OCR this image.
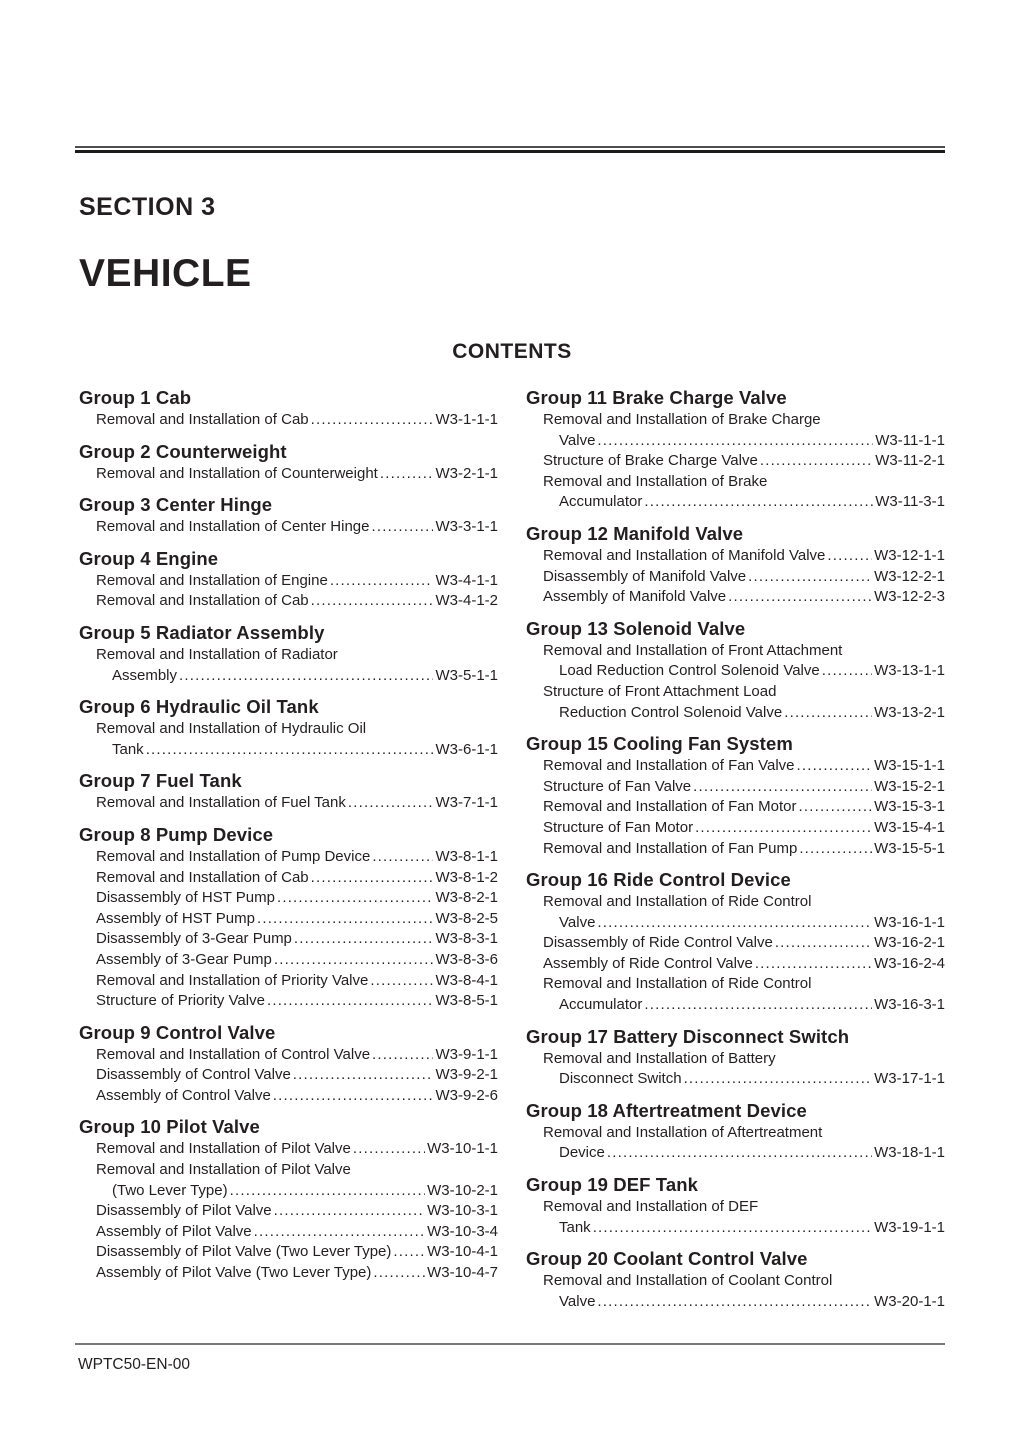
SECTION 3
VEHICLE
CONTENTS
Group 1 Cab
Removal and Installation of Cab .....	W3-1-1-1
Group 2 Counterweight
Removal and Installation of Counterweight .....	W3-2-1-1
Group 3 Center Hinge
Removal and Installation of Center Hinge .....	W3-3-1-1
Group 4 Engine
Removal and Installation of Engine .....	W3-4-1-1
Removal and Installation of Cab .....	W3-4-1-2
Group 5 Radiator Assembly
Removal and Installation of Radiator
Assembly .....	W3-5-1-1
Group 6 Hydraulic Oil Tank
Removal and Installation of Hydraulic Oil
Tank .....	W3-6-1-1
Group 7 Fuel Tank
Removal and Installation of Fuel Tank .....	W3-7-1-1
Group 8 Pump Device
Removal and Installation of Pump Device .....	W3-8-1-1
Removal and Installation of Cab .....	W3-8-1-2
Disassembly of HST Pump .....	W3-8-2-1
Assembly of HST Pump .....	W3-8-2-5
Disassembly of 3-Gear Pump .....	W3-8-3-1
Assembly of 3-Gear Pump .....	W3-8-3-6
Removal and Installation of Priority Valve .....	W3-8-4-1
Structure of Priority Valve .....	W3-8-5-1
Group 9 Control Valve
Removal and Installation of Control Valve .....	W3-9-1-1
Disassembly of Control Valve .....	W3-9-2-1
Assembly of Control Valve .....	W3-9-2-6
Group 10 Pilot Valve
Removal and Installation of Pilot Valve .....	W3-10-1-1
Removal and Installation of Pilot Valve
(Two Lever Type) .....	W3-10-2-1
Disassembly of Pilot Valve .....	W3-10-3-1
Assembly of Pilot Valve .....	W3-10-3-4
Disassembly of Pilot Valve (Two Lever Type) ..... W3-10-4-1
Assembly of Pilot Valve (Two Lever Type) .....	W3-10-4-7
Group 11 Brake Charge Valve
Removal and Installation of Brake Charge
Valve .....	W3-11-1-1
Structure of Brake Charge Valve .....	W3-11-2-1
Removal and Installation of Brake
Accumulator .....	W3-11-3-1
Group 12 Manifold Valve
Removal and Installation of Manifold Valve .....	W3-12-1-1
Disassembly of Manifold Valve .....	W3-12-2-1
Assembly of Manifold Valve .....	W3-12-2-3
Group 13 Solenoid Valve
Removal and Installation of Front Attachment
Load Reduction Control Solenoid Valve .....	W3-13-1-1
Structure of Front Attachment Load
Reduction Control Solenoid Valve .....	W3-13-2-1
Group 15 Cooling Fan System
Removal and Installation of Fan Valve .....	W3-15-1-1
Structure of Fan Valve .....	W3-15-2-1
Removal and Installation of Fan Motor .....	W3-15-3-1
Structure of Fan Motor .....	W3-15-4-1
Removal and Installation of Fan Pump .....	W3-15-5-1
Group 16 Ride Control Device
Removal and Installation of Ride Control
Valve .....	W3-16-1-1
Disassembly of Ride Control Valve .....	W3-16-2-1
Assembly of Ride Control Valve .....	W3-16-2-4
Removal and Installation of Ride Control
Accumulator .....	W3-16-3-1
Group 17 Battery Disconnect Switch
Removal and Installation of Battery
Disconnect Switch .....	W3-17-1-1
Group 18 Aftertreatment Device
Removal and Installation of Aftertreatment
Device .....	W3-18-1-1
Group 19 DEF Tank
Removal and Installation of DEF
Tank .....	W3-19-1-1
Group 20 Coolant Control Valve
Removal and Installation of Coolant Control
Valve .....	W3-20-1-1
WPTC50-EN-00
